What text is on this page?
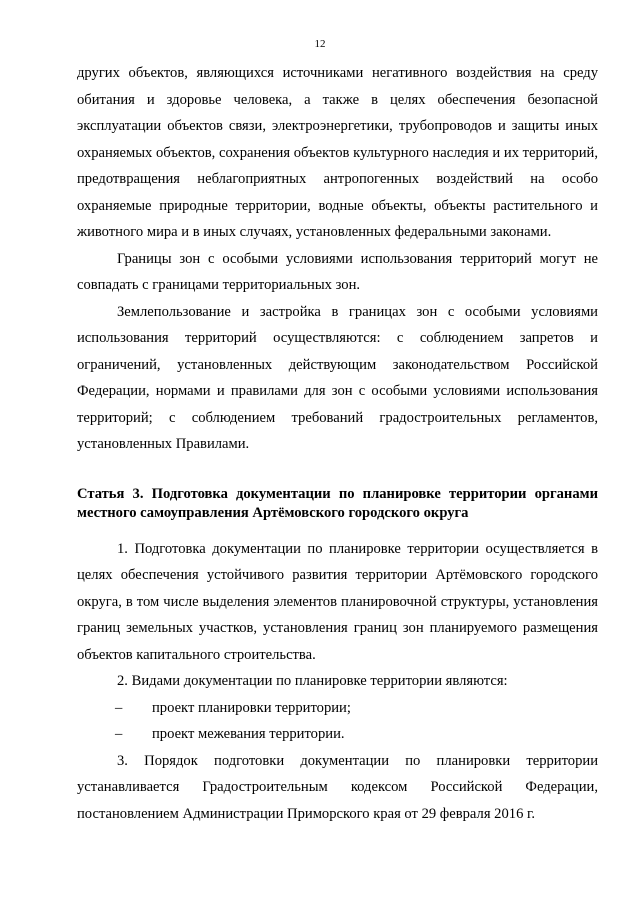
12

других объектов, являющихся источниками негативного воздействия на среду обитания и здоровье человека, а также в целях обеспечения безопасной эксплуатации объектов связи, электроэнергетики, трубопроводов и защиты иных охраняемых объектов, сохранения объектов культурного наследия и их территорий, предотвращения неблагоприятных антропогенных воздействий на особо охраняемые природные территории, водные объекты, объекты растительного и животного мира и в иных случаях, установленных федеральными законами.

Границы зон с особыми условиями использования территорий могут не совпадать с границами территориальных зон.

Землепользование и застройка в границах зон с особыми условиями использования территорий осуществляются: с соблюдением запретов и ограничений, установленных действующим законодательством Российской Федерации, нормами и правилами для зон с особыми условиями использования территорий; с соблюдением требований градостроительных регламентов, установленных Правилами.

Статья 3. Подготовка документации по планировке территории органами местного самоуправления Артёмовского городского округа

1. Подготовка документации по планировке территории осуществляется в целях обеспечения устойчивого развития территории Артёмовского городского округа, в том числе выделения элементов планировочной структуры, установления границ земельных участков, установления границ зон планируемого размещения объектов капитального строительства.

2. Видами документации по планировке территории являются:

– проект планировки территории;
– проект межевания территории.

3. Порядок подготовки документации по планировки территории устанавливается Градостроительным кодексом Российской Федерации, постановлением Администрации Приморского края от 29 февраля 2016 г.
